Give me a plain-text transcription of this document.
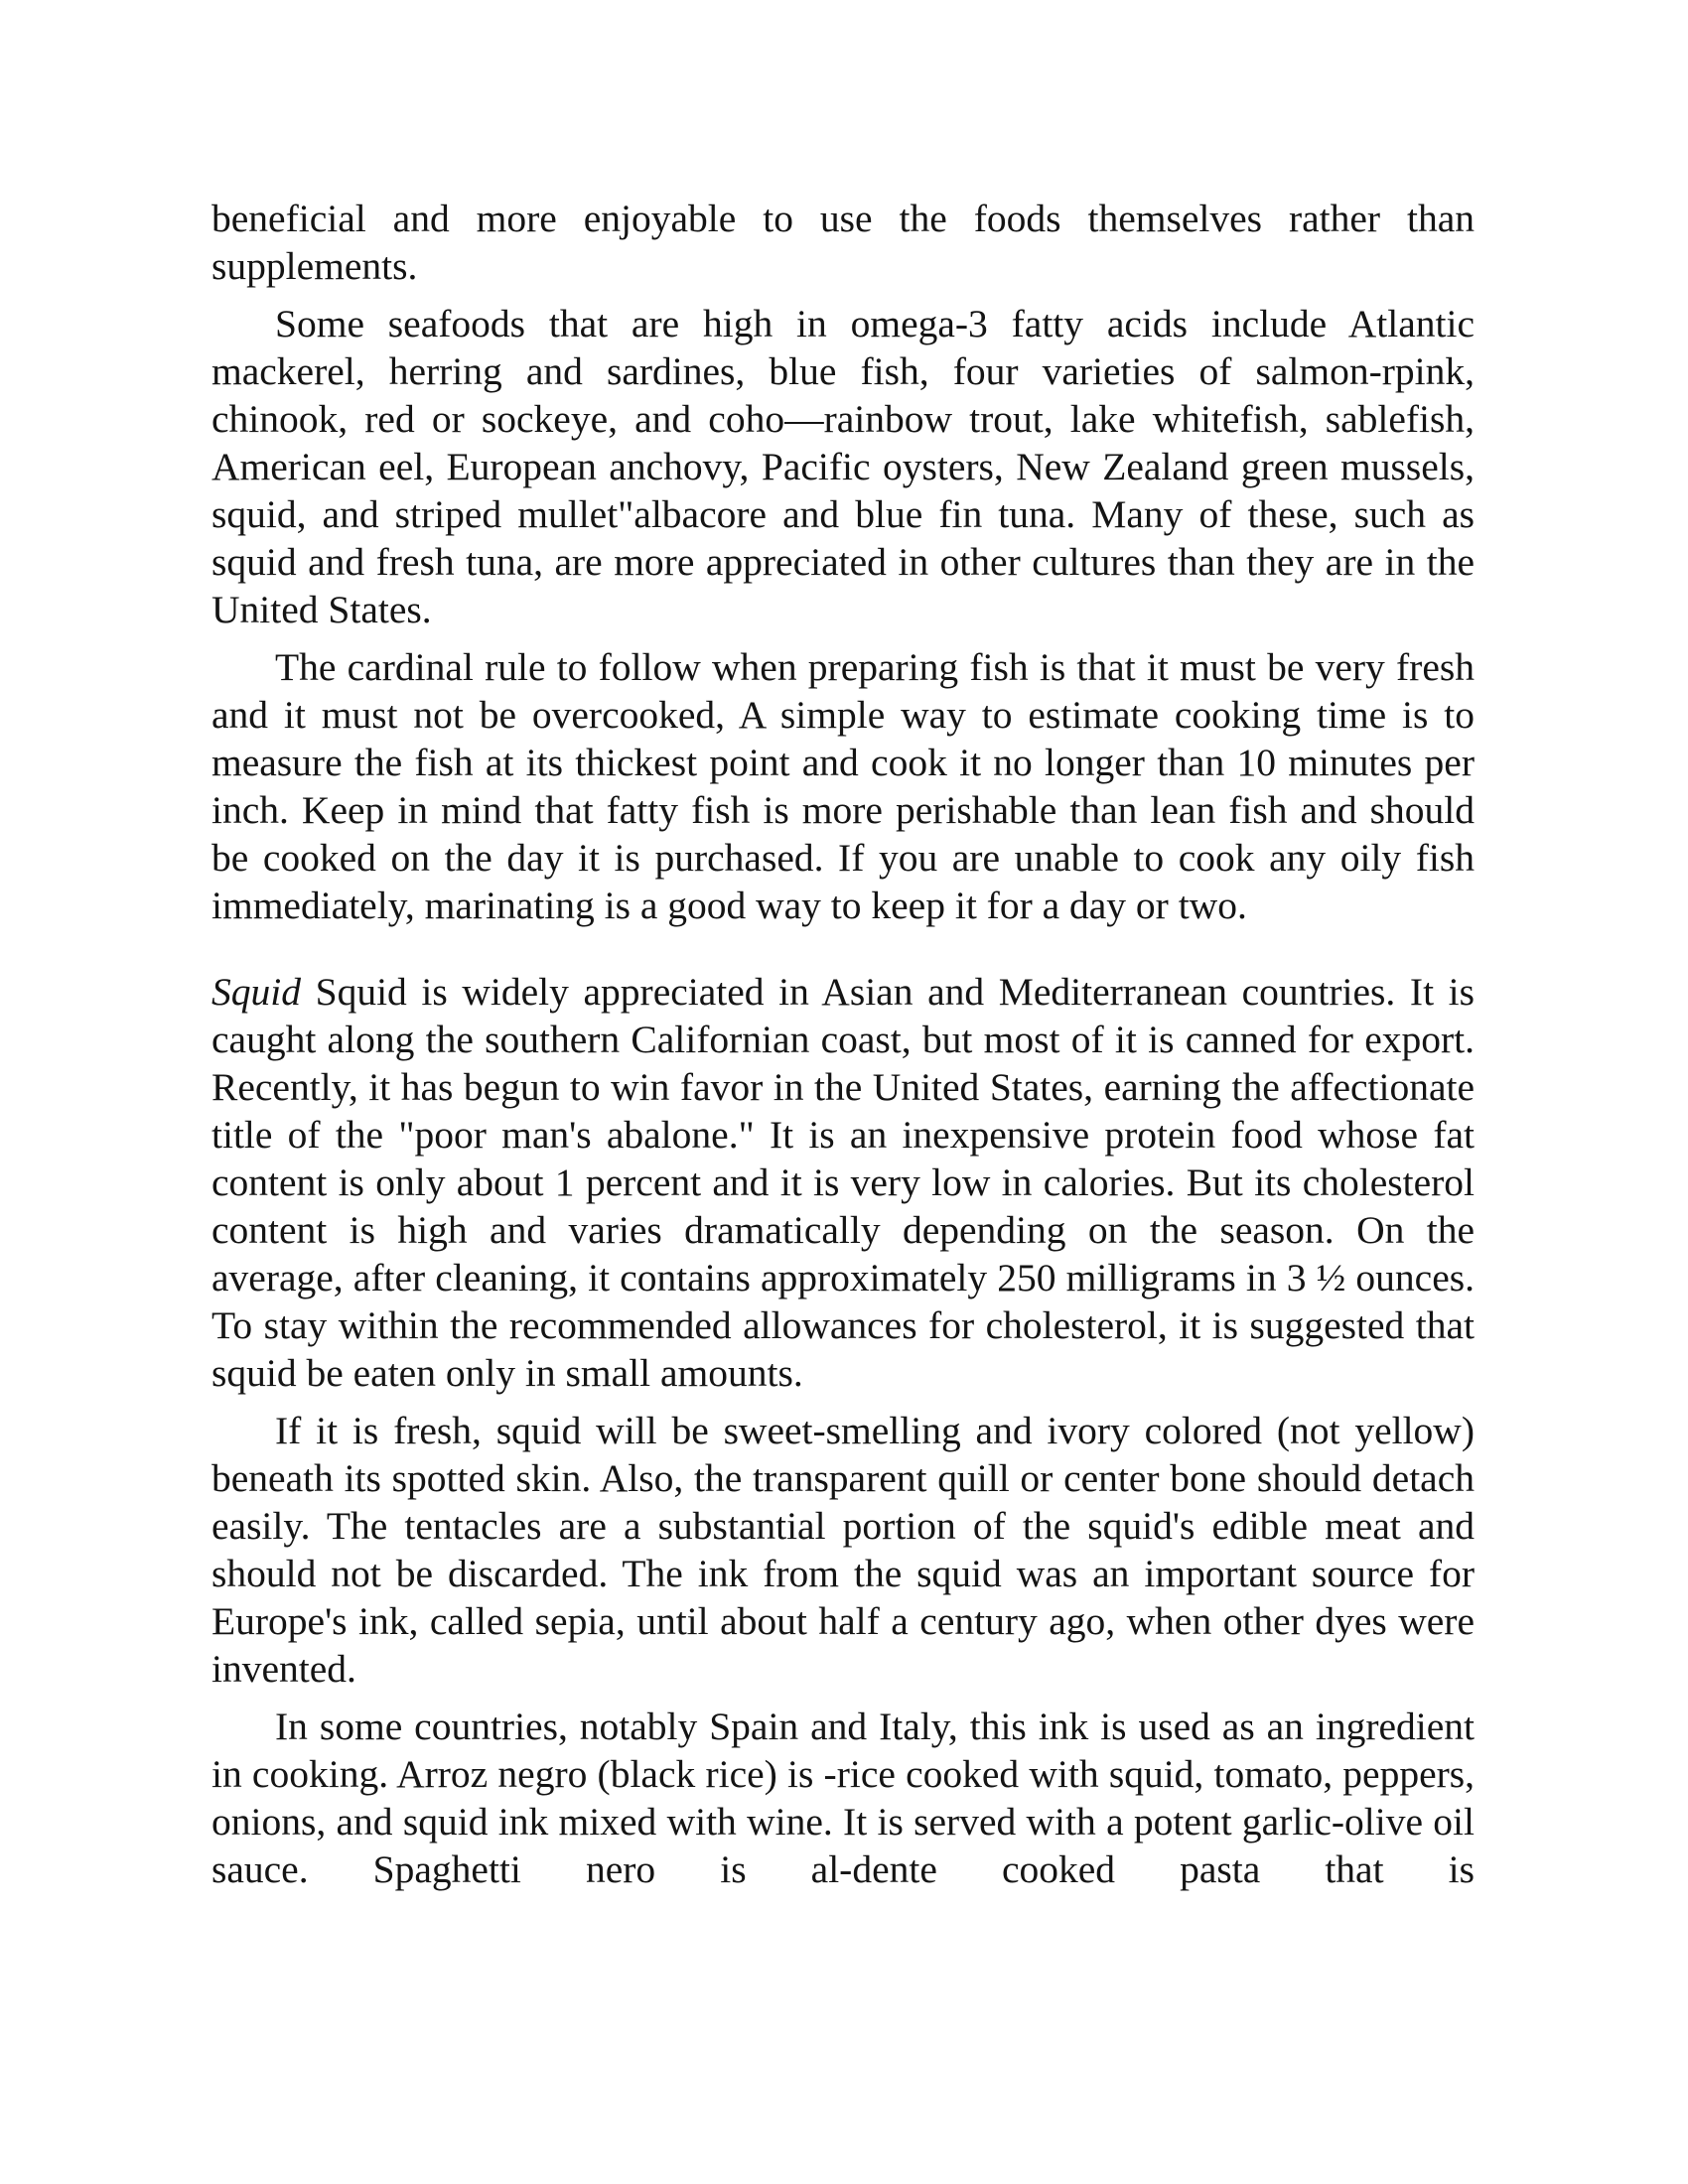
beneficial and more enjoyable to use the foods themselves rather than supplements.

Some seafoods that are high in omega-3 fatty acids include Atlantic mackerel, herring and sardines, blue fish, four varieties of salmon-rpink, chinook, red or sockeye, and coho—rainbow trout, lake whitefish, sablefish, American eel, European anchovy, Pacific oysters, New Zealand green mussels, squid, and striped mullet"albacore and blue fin tuna. Many of these, such as squid and fresh tuna, are more appreciated in other cultures than they are in the United States.

The cardinal rule to follow when preparing fish is that it must be very fresh and it must not be overcooked, A simple way to estimate cooking time is to measure the fish at its thickest point and cook it no longer than 10 minutes per inch. Keep in mind that fatty fish is more perishable than lean fish and should be cooked on the day it is purchased. If you are unable to cook any oily fish immediately, marinating is a good way to keep it for a day or two.

Squid Squid is widely appreciated in Asian and Mediterranean countries. It is caught along the southern Californian coast, but most of it is canned for export. Recently, it has begun to win favor in the United States, earning the affectionate title of the "poor man's abalone." It is an inexpensive protein food whose fat content is only about 1 percent and it is very low in calories. But its cholesterol content is high and varies dramatically depending on the season. On the average, after cleaning, it contains approximately 250 milligrams in 3 ½ ounces. To stay within the recommended allowances for cholesterol, it is suggested that squid be eaten only in small amounts.

If it is fresh, squid will be sweet-smelling and ivory colored (not yellow) beneath its spotted skin. Also, the transparent quill or center bone should detach easily. The tentacles are a substantial portion of the squid's edible meat and should not be discarded. The ink from the squid was an important source for Europe's ink, called sepia, until about half a century ago, when other dyes were invented.

In some countries, notably Spain and Italy, this ink is used as an ingredient in cooking. Arroz negro (black rice) is -rice cooked with squid, tomato, peppers, onions, and squid ink mixed with wine. It is served with a potent garlic-olive oil sauce. Spaghetti nero is al-dente cooked pasta that is
